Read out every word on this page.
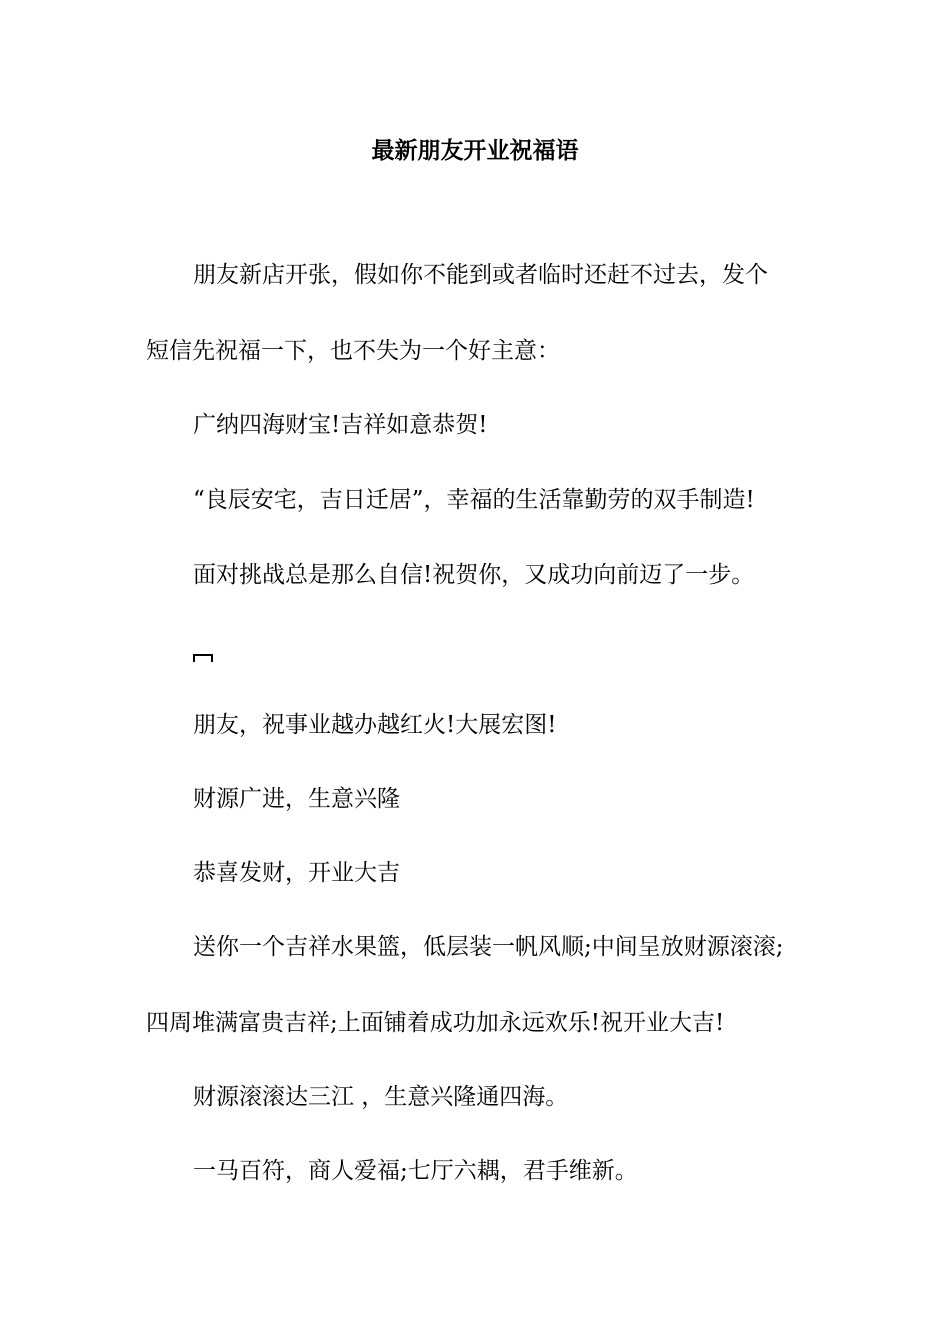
最新朋友开业祝福语
朋友新店开张，假如你不能到或者临时还赶不过去，发个
短信先祝福一下，也不失为一个好主意：
广纳四海财宝!吉祥如意恭贺!
“良辰安宅，吉日迁居”，幸福的生活靠勤劳的双手制造!
面对挑战总是那么自信!祝贺你，又成功向前迈了一步。
朋友，祝事业越办越红火!大展宏图!
财源广进，生意兴隆
恭喜发财，开业大吉
送你一个吉祥水果篮，低层装一帆风顺;中间呈放财源滚滚;
四周堆满富贵吉祥;上面铺着成功加永远欢乐!祝开业大吉!
财源滚滚达三江 ，生意兴隆通四海。
一马百符，商人爱福;七厅六耦，君手维新。
